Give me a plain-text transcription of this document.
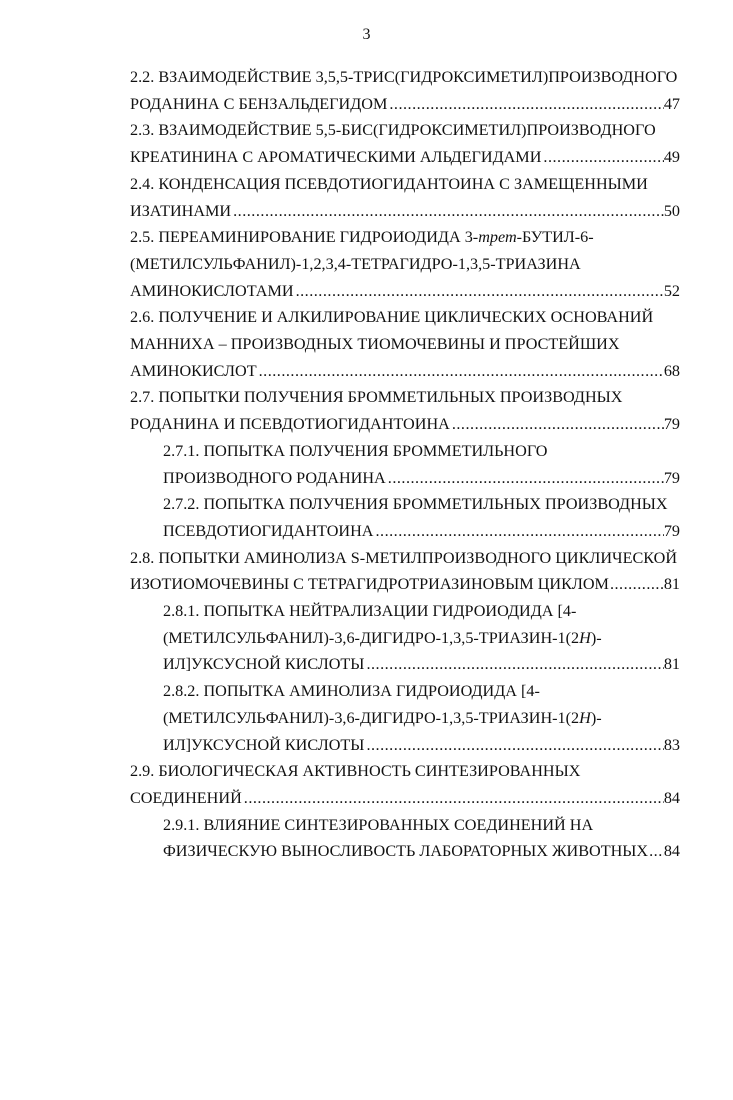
3
2.2. ВЗАИМОДЕЙСТВИЕ 3,5,5-ТРИС(ГИДРОКСИМЕТИЛ)ПРОИЗВОДНОГО
РОДАНИНА С БЕНЗАЛЬДЕГИДОМ .....	47
2.3. ВЗАИМОДЕЙСТВИЕ 5,5-БИС(ГИДРОКСИМЕТИЛ)ПРОИЗВОДНОГО
КРЕАТИНИНА С АРОМАТИЧЕСКИМИ АЛЬДЕГИДАМИ .....	49
2.4. КОНДЕНСАЦИЯ ПСЕВДОТИОГИДАНТОИНА С ЗАМЕЩЕННЫМИ
ИЗАТИНАМИ .....	50
2.5. ПЕРЕАМИНИРОВАНИЕ ГИДРОИОДИДА 3-трет-БУТИЛ-6-
(МЕТИЛСУЛЬФАНИЛ)-1,2,3,4-ТЕТРАГИДРО-1,3,5-ТРИАЗИНА
АМИНОКИСЛОТАМИ .....	52
2.6. ПОЛУЧЕНИЕ И АЛКИЛИРОВАНИЕ ЦИКЛИЧЕСКИХ ОСНОВАНИЙ
МАННИХА – ПРОИЗВОДНЫХ ТИОМОЧЕВИНЫ И ПРОСТЕЙШИХ
АМИНОКИСЛОТ .....	68
2.7. ПОПЫТКИ ПОЛУЧЕНИЯ БРОММЕТИЛЬНЫХ ПРОИЗВОДНЫХ
РОДАНИНА И ПСЕВДОТИОГИДАНТОИНА .....	79
2.7.1. ПОПЫТКА ПОЛУЧЕНИЯ БРОММЕТИЛЬНОГО
ПРОИЗВОДНОГО РОДАНИНА .....	79
2.7.2. ПОПЫТКА ПОЛУЧЕНИЯ БРОММЕТИЛЬНЫХ ПРОИЗВОДНЫХ
ПСЕВДОТИОГИДАНТОИНА .....	79
2.8. ПОПЫТКИ АМИНОЛИЗА S-МЕТИЛПРОИЗВОДНОГО ЦИКЛИЧЕСКОЙ
ИЗОТИОМОЧЕВИНЫ С ТЕТРАГИДРОТРИАЗИНОВЫМ ЦИКЛОМ .....	81
2.8.1. ПОПЫТКА НЕЙТРАЛИЗАЦИИ ГИДРОИОДИДА [4-
(МЕТИЛСУЛЬФАНИЛ)-3,6-ДИГИДРО-1,3,5-ТРИАЗИН-1(2H)-
ИЛ]УКСУСНОЙ КИСЛОТЫ .....	81
2.8.2. ПОПЫТКА АМИНОЛИЗА ГИДРОИОДИДА [4-
(МЕТИЛСУЛЬФАНИЛ)-3,6-ДИГИДРО-1,3,5-ТРИАЗИН-1(2H)-
ИЛ]УКСУСНОЙ КИСЛОТЫ .....	83
2.9. БИОЛОГИЧЕСКАЯ АКТИВНОСТЬ СИНТЕЗИРОВАННЫХ
СОЕДИНЕНИЙ .....	84
2.9.1. ВЛИЯНИЕ СИНТЕЗИРОВАННЫХ СОЕДИНЕНИЙ НА
ФИЗИЧЕСКУЮ ВЫНОСЛИВОСТЬ ЛАБОРАТОРНЫХ ЖИВОТНЫХ ..... 84
